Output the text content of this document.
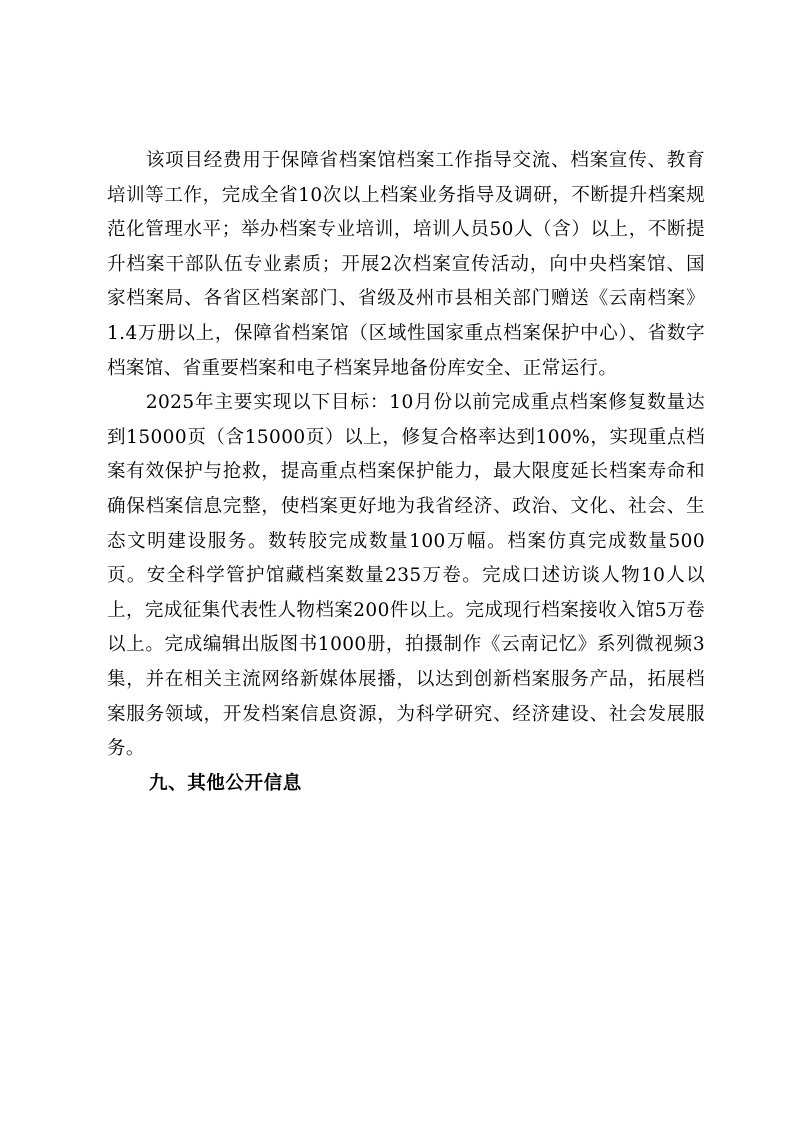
该项目经费用于保障省档案馆档案工作指导交流、档案宣传、教育培训等工作，完成全省10次以上档案业务指导及调研，不断提升档案规范化管理水平；举办档案专业培训，培训人员50人（含）以上，不断提升档案干部队伍专业素质；开展2次档案宣传活动，向中央档案馆、国家档案局、各省区档案部门、省级及州市县相关部门赠送《云南档案》1.4万册以上，保障省档案馆（区域性国家重点档案保护中心）、省数字档案馆、省重要档案和电子档案异地备份库安全、正常运行。

2025年主要实现以下目标：10月份以前完成重点档案修复数量达到15000页（含15000页）以上，修复合格率达到100%，实现重点档案有效保护与抢救，提高重点档案保护能力，最大限度延长档案寿命和确保档案信息完整，使档案更好地为我省经济、政治、文化、社会、生态文明建设服务。数转胶完成数量100万幅。档案仿真完成数量500页。安全科学管护馆藏档案数量235万卷。完成口述访谈人物10人以上，完成征集代表性人物档案200件以上。完成现行档案接收入馆5万卷以上。完成编辑出版图书1000册，拍摄制作《云南记忆》系列微视频3集，并在相关主流网络新媒体展播，以达到创新档案服务产品，拓展档案服务领域，开发档案信息资源，为科学研究、经济建设、社会发展服务。

九、其他公开信息
